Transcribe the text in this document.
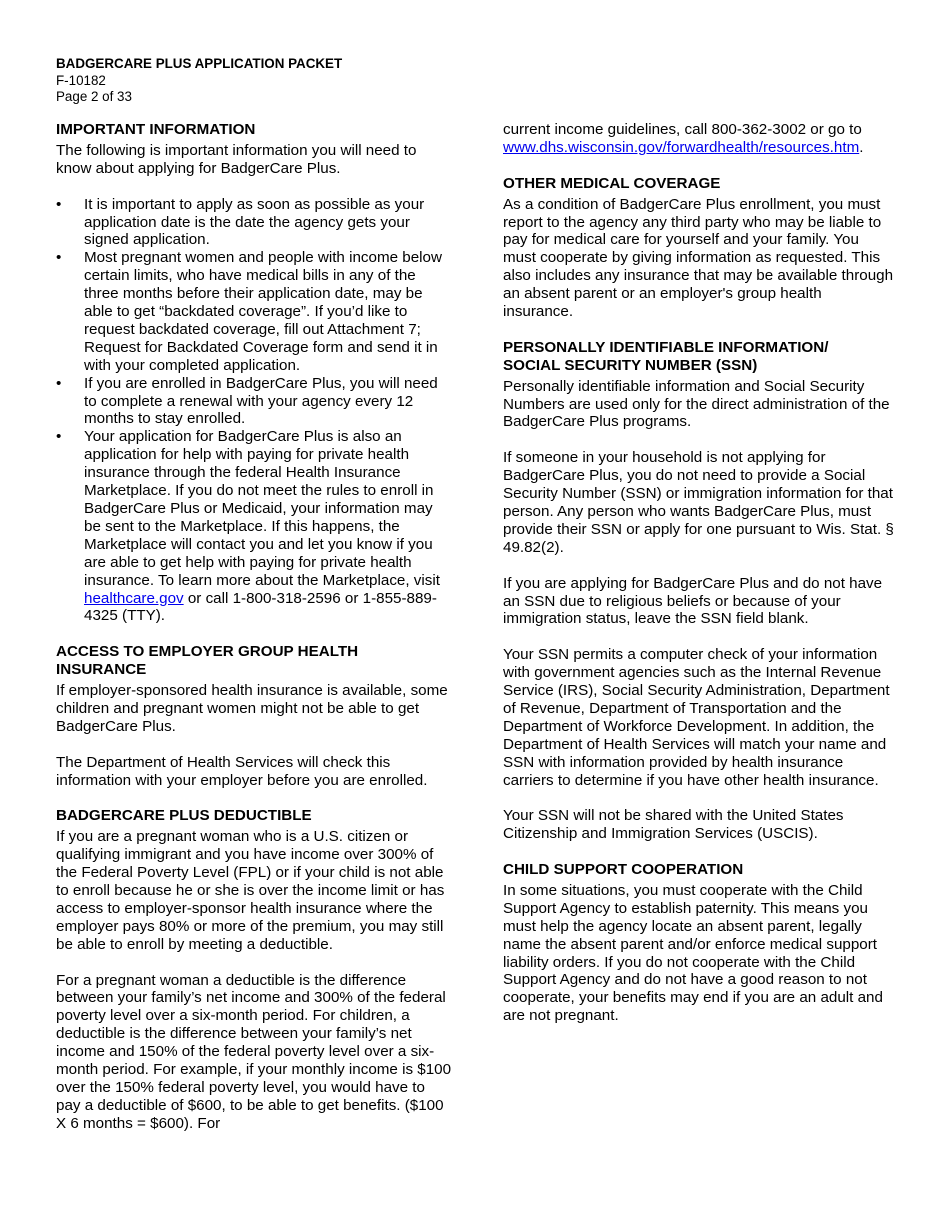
BADGERCARE PLUS APPLICATION PACKET
F-10182
Page 2 of 33
IMPORTANT INFORMATION

The following is important information you will need to know about applying for BadgerCare Plus.

• It is important to apply as soon as possible as your application date is the date the agency gets your signed application.
• Most pregnant women and people with income below certain limits, who have medical bills in any of the three months before their application date, may be able to get “backdated coverage”. If you’d like to request backdated coverage, fill out Attachment 7; Request for Backdated Coverage form and send it in with your completed application.
• If you are enrolled in BadgerCare Plus, you will need to complete a renewal with your agency every 12 months to stay enrolled.
• Your application for BadgerCare Plus is also an application for help with paying for private health insurance through the federal Health Insurance Marketplace. If you do not meet the rules to enroll in BadgerCare Plus or Medicaid, your information may be sent to the Marketplace. If this happens, the Marketplace will contact you and let you know if you are able to get help with paying for private health insurance. To learn more about the Marketplace, visit healthcare.gov or call 1-800-318-2596 or 1-855-889-4325 (TTY).
ACCESS TO EMPLOYER GROUP HEALTH INSURANCE

If employer-sponsored health insurance is available, some children and pregnant women might not be able to get BadgerCare Plus.

The Department of Health Services will check this information with your employer before you are enrolled.

BADGERCARE PLUS DEDUCTIBLE

If you are a pregnant woman who is a U.S. citizen or qualifying immigrant and you have income over 300% of the Federal Poverty Level (FPL) or if your child is not able to enroll because he or she is over the income limit or has access to employer-sponsor health insurance where the employer pays 80% or more of the premium, you may still be able to enroll by meeting a deductible.

For a pregnant woman a deductible is the difference between your family’s net income and 300% of the federal poverty level over a six-month period. For children, a deductible is the difference between your family’s net income and 150% of the federal poverty level over a six-month period. For example, if your monthly income is $100 over the 150% federal poverty level, you would have to pay a deductible of $600, to be able to get benefits. ($100 X 6 months = $600). For

current income guidelines, call 800-362-3002 or go to www.dhs.wisconsin.gov/forwardhealth/resources.htm.

OTHER MEDICAL COVERAGE

As a condition of BadgerCare Plus enrollment, you must report to the agency any third party who may be liable to pay for medical care for yourself and your family. You must cooperate by giving information as requested. This also includes any insurance that may be available through an absent parent or an employer's group health insurance.

PERSONALLY IDENTIFIABLE INFORMATION/
SOCIAL SECURITY NUMBER (SSN)

Personally identifiable information and Social Security Numbers are used only for the direct administration of the BadgerCare Plus programs.

If someone in your household is not applying for BadgerCare Plus, you do not need to provide a Social Security Number (SSN) or immigration information for that person. Any person who wants BadgerCare Plus, must provide their SSN or apply for one pursuant to Wis. Stat. § 49.82(2).

If you are applying for BadgerCare Plus and do not have an SSN due to religious beliefs or because of your immigration status, leave the SSN field blank.

Your SSN permits a computer check of your information with government agencies such as the Internal Revenue Service (IRS), Social Security Administration, Department of Revenue, Department of Transportation and the Department of Workforce Development. In addition, the Department of Health Services will match your name and SSN with information provided by health insurance carriers to determine if you have other health insurance.

Your SSN will not be shared with the United States Citizenship and Immigration Services (USCIS).

CHILD SUPPORT COOPERATION

In some situations, you must cooperate with the Child Support Agency to establish paternity. This means you must help the agency locate an absent parent, legally name the absent parent and/or enforce medical support liability orders. If you do not cooperate with the Child Support Agency and do not have a good reason to not cooperate, your benefits may end if you are an adult and are not pregnant.
